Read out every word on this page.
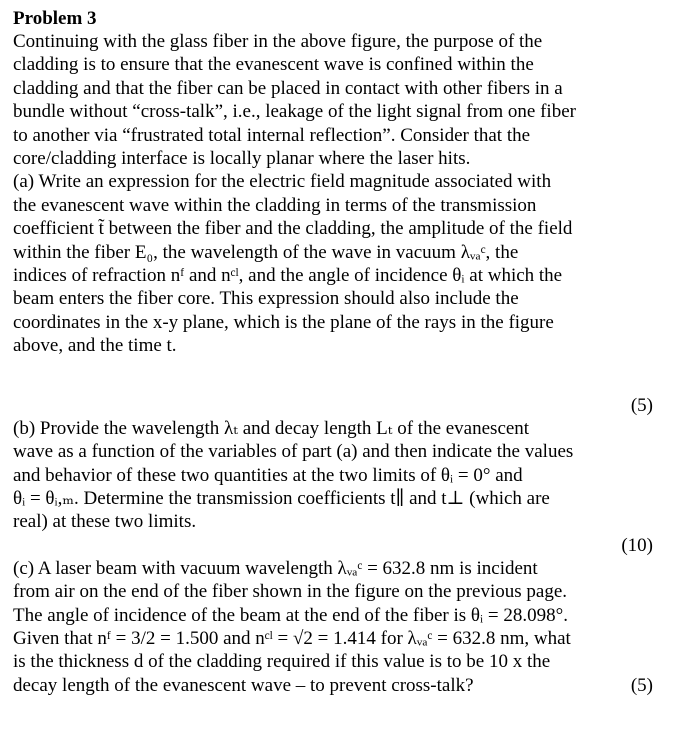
Problem 3
Continuing with the glass fiber in the above figure, the purpose of the
cladding is to ensure that the evanescent wave is confined within the
cladding and that the fiber can be placed in contact with other fibers in a
bundle without “cross-talk”, i.e., leakage of the light signal from one fiber
to another via “frustrated total internal reflection”. Consider that the
core/cladding interface is locally planar where the laser hits.
(a) Write an expression for the electric field magnitude associated with
the evanescent wave within the cladding in terms of the transmission
coefficient t̃ between the fiber and the cladding, the amplitude of the field
within the fiber E₀, the wavelength of the wave in vacuum λᵥₐᶜ, the
indices of refraction nᶠ and nᶜˡ, and the angle of incidence θᵢ at which the
beam enters the fiber core. This expression should also include the
coordinates in the x-y plane, which is the plane of the rays in the figure
above, and the time t.
(5)
(b) Provide the wavelength λₜ and decay length Lₜ of the evanescent
wave as a function of the variables of part (a) and then indicate the values
and behavior of these two quantities at the two limits of θᵢ = 0° and
θᵢ = θᵢ,ₘ. Determine the transmission coefficients t∥ and t⊥ (which are
real) at these two limits.
(10)
(c) A laser beam with vacuum wavelength λᵥₐᶜ = 632.8 nm is incident
from air on the end of the fiber shown in the figure on the previous page.
The angle of incidence of the beam at the end of the fiber is θᵢ = 28.098°.
Given that nᶠ = 3/2 = 1.500 and nᶜˡ = √2 = 1.414 for λᵥₐᶜ = 632.8 nm, what
is the thickness d of the cladding required if this value is to be 10 x the
decay length of the evanescent wave – to prevent cross-talk?	(5)
